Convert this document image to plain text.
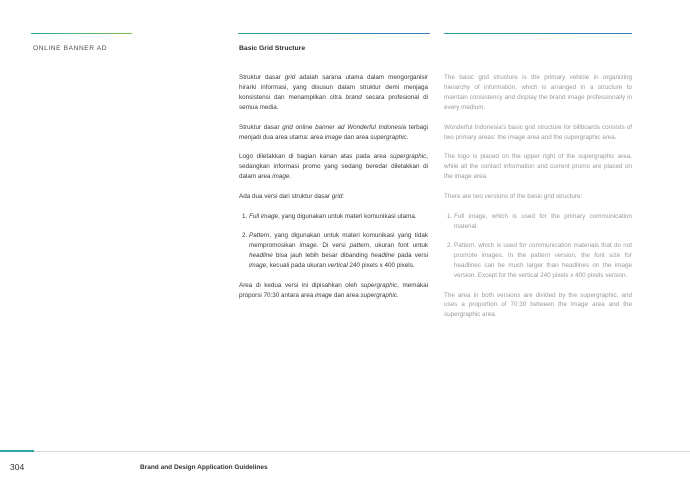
ONLINE BANNER AD	Basic Grid Structure

Struktur dasar grid adalah sarana utama dalam mengorganisir hirarki informasi, yang disusun dalam struktur demi menjaga konsistensi dan menampilkan citra brand secara profesional di semua media.

Struktur dasar grid online banner ad Wonderful Indonesia terbagi menjadi dua area utama: area image dan area supergraphic.

Logo diletakkan di bagian kanan atas pada area supergraphic, sedangkan informasi promo yang sedang beredar diletakkan di dalam area image.

Ada dua versi dari struktur dasar grid:

1. Full image, yang digunakan untuk materi komunikasi utama.
2. Pattern, yang digunakan untuk materi komunikasi yang tidak mempromosikan image. Di versi pattern, ukuran font untuk headline bisa jauh lebih besar dibanding headline pada versi image, kecuali pada ukuran vertical 240 pixels x 400 pixels.

Area di kedua versi ini dipisahkan oleh supergraphic, memakai proporsi 70:30 antara area image dan area supergraphic.

The basic grid structure is the primary vehicle in organizing hierarchy of information, which is arranged in a structure to maintain consistency and display the brand image professionally in every medium.

Wonderful Indonesia's basic grid structure for billboards consists of two primary areas: the image area and the supergraphic area.

The logo is placed on the upper right of the supergraphic area, while all the contact information and current promo are placed on the image area.

There are two versions of the basic grid structure:

1. Full image, which is used for the primary communication material.
2. Pattern, which is used for communication materials that do not promote images. In the pattern version, the font size for headlines can be much larger than headlines on the image version. Except for the vertical 240 pixels x 400 pixels version.

The area in both versions are divided by the supergraphic, and uses a proportion of 70:30 between the image area and the supergraphic area.

304	Brand and Design Application Guidelines
